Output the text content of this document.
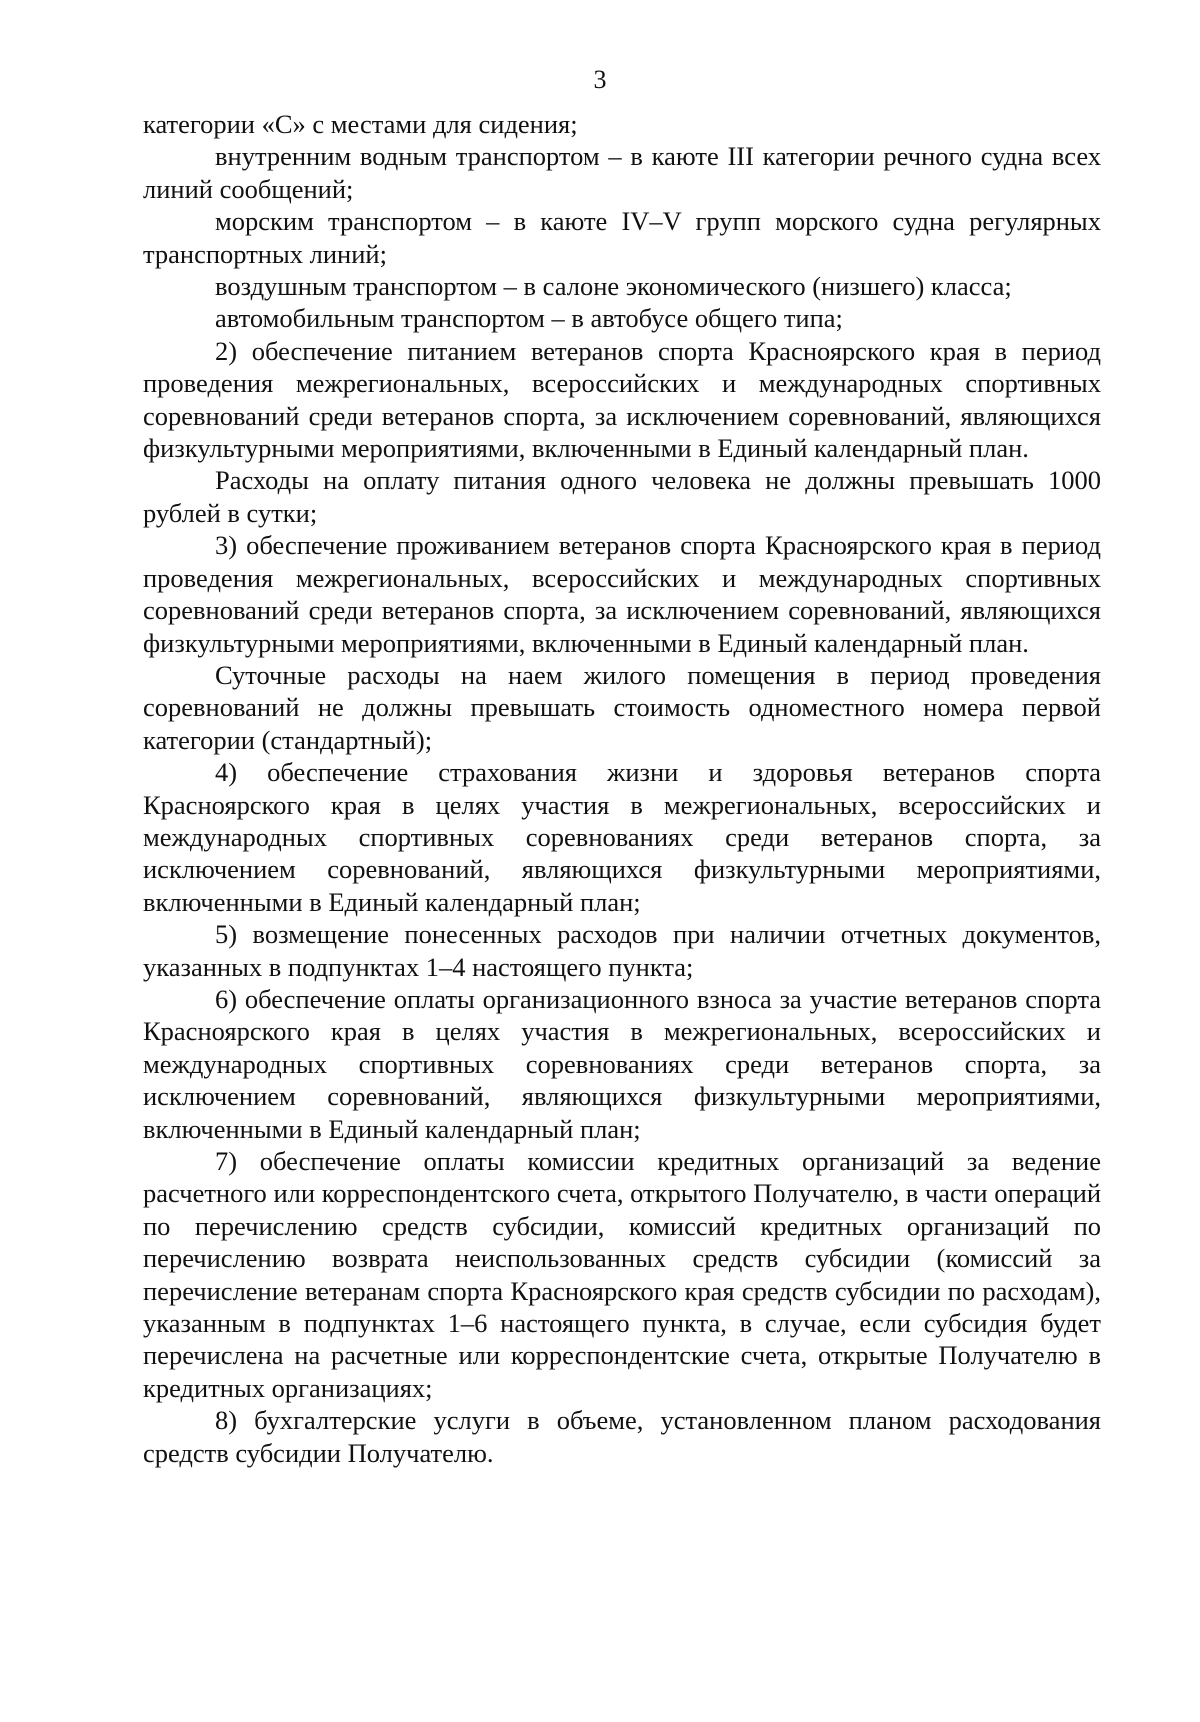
3

категории «С» с местами для сидения;

внутренним водным транспортом – в каюте III категории речного судна всех линий сообщений;

морским транспортом – в каюте IV–V групп морского судна регулярных транспортных линий;

воздушным транспортом – в салоне экономического (низшего) класса;

автомобильным транспортом – в автобусе общего типа;

2) обеспечение питанием ветеранов спорта Красноярского края в период проведения межрегиональных, всероссийских и международных спортивных соревнований среди ветеранов спорта, за исключением соревнований, являющихся физкультурными мероприятиями, включенными в Единый календарный план.

Расходы на оплату питания одного человека не должны превышать 1000 рублей в сутки;

3) обеспечение проживанием ветеранов спорта Красноярского края в период проведения межрегиональных, всероссийских и международных спортивных соревнований среди ветеранов спорта, за исключением соревнований, являющихся физкультурными мероприятиями, включенными в Единый календарный план.

Суточные расходы на наем жилого помещения в период проведения соревнований не должны превышать стоимость одноместного номера первой категории (стандартный);

4) обеспечение страхования жизни и здоровья ветеранов спорта Красноярского края в целях участия в межрегиональных, всероссийских и международных спортивных соревнованиях среди ветеранов спорта, за исключением соревнований, являющихся физкультурными мероприятиями, включенными в Единый календарный план;

5) возмещение понесенных расходов при наличии отчетных документов, указанных в подпунктах 1–4 настоящего пункта;

6) обеспечение оплаты организационного взноса за участие ветеранов спорта Красноярского края в целях участия в межрегиональных, всероссийских и международных спортивных соревнованиях среди ветеранов спорта, за исключением соревнований, являющихся физкультурными мероприятиями, включенными в Единый календарный план;

7) обеспечение оплаты комиссии кредитных организаций за ведение расчетного или корреспондентского счета, открытого Получателю, в части операций по перечислению средств субсидии, комиссий кредитных организаций по перечислению возврата неиспользованных средств субсидии (комиссий за перечисление ветеранам спорта Красноярского края средств субсидии по расходам), указанным в подпунктах 1–6 настоящего пункта, в случае, если субсидия будет перечислена на расчетные или корреспондентские счета, открытые Получателю в кредитных организациях;

8) бухгалтерские услуги в объеме, установленном планом расходования средств субсидии Получателю.
